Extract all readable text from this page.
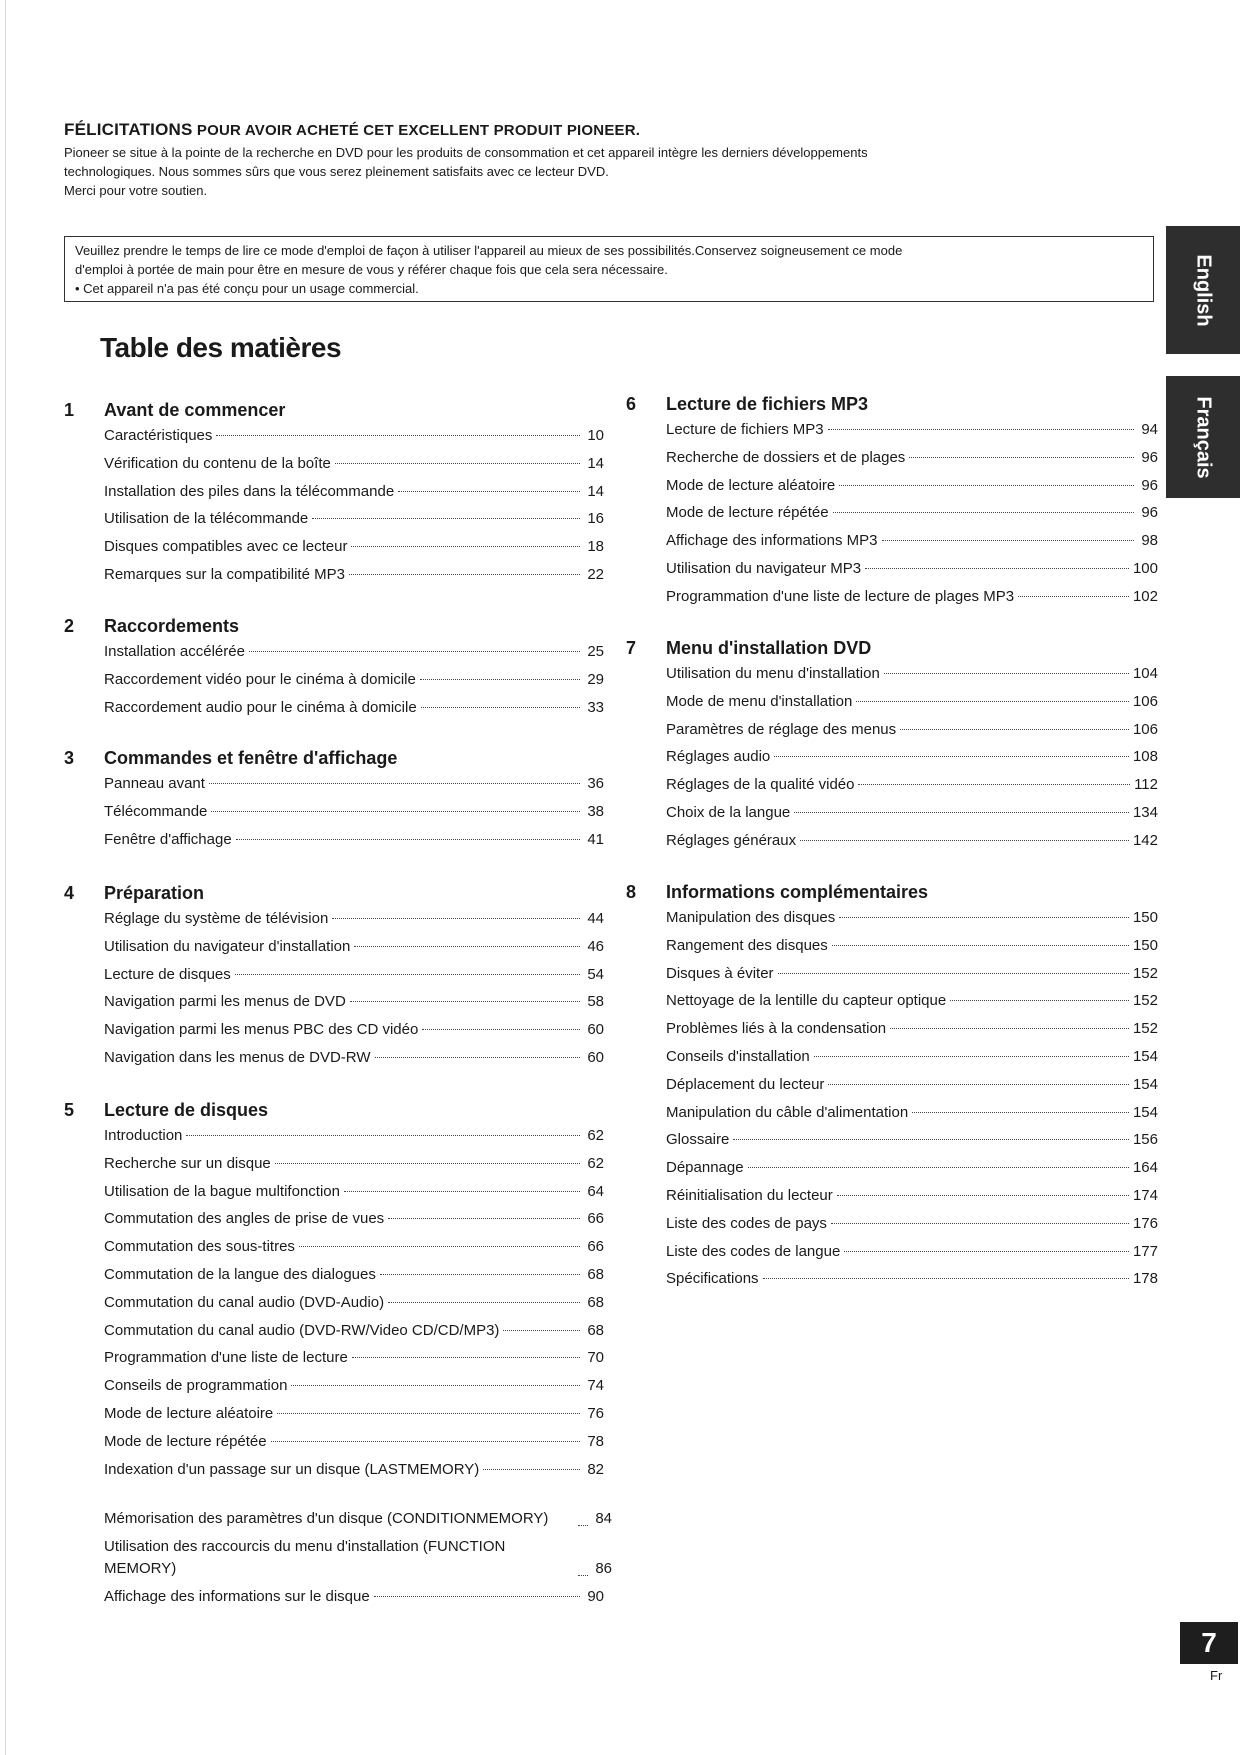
FÉLICITATIONS POUR AVOIR ACHETÉ CET EXCELLENT PRODUIT PIONEER.

Pioneer se situe à la pointe de la recherche en DVD pour les produits de consommation et cet appareil intègre les derniers développements

technologiques. Nous sommes sûrs que vous serez pleinement satisfaits avec ce lecteur DVD.

Merci pour votre soutien.

Veuillez prendre le temps de lire ce mode d'emploi de façon à utiliser l'appareil au mieux de ses possibilités.Conservez soigneusement ce mode

d'emploi à portée de main pour être en mesure de vous y référer chaque fois que cela sera nécessaire.

• Cet appareil n'a pas été conçu pour un usage commercial.

Table des matières
1	Avant de commencer
Caractéristiques	10
Vérification du contenu de la boîte	14
Installation des piles dans la télécommande	14
Utilisation de la télécommande	16
Disques compatibles avec ce lecteur	18
Remarques sur la compatibilité MP3	22
2	Raccordements
Installation accélérée	25
Raccordement vidéo pour le cinéma à domicile	29
Raccordement audio pour le cinéma à domicile	33
3	Commandes et fenêtre d'affichage
Panneau avant	36
Télécommande	38
Fenêtre d'affichage	41
4	Préparation
Réglage du système de télévision	44
Utilisation du navigateur d'installation	46
Lecture de disques	54
Navigation parmi les menus de DVD	58
Navigation parmi les menus PBC des CD vidéo	60
Navigation dans les menus de DVD-RW	60
5	Lecture de disques
Introduction	62
Recherche sur un disque	62
Utilisation de la bague multifonction	64
Commutation des angles de prise de vues	66
Commutation des sous-titres	66
Commutation de la langue des dialogues	68
Commutation du canal audio (DVD-Audio)	68
Commutation du canal audio (DVD-RW/Video CD/CD/MP3)	68
Programmation d'une liste de lecture	70
Conseils de programmation	74
Mode de lecture aléatoire	76
Mode de lecture répétée	78
Indexation d'un passage sur un disque (LASTMEMORY)	82
Mémorisation des paramètres d'un disque (CONDITIONMEMORY)	84
Utilisation des raccourcis du menu d'installation (FUNCTION MEMORY)	86
Affichage des informations sur le disque	90
6	Lecture de fichiers MP3
Lecture de fichiers MP3	94
Recherche de dossiers et de plages	96
Mode de lecture aléatoire	96
Mode de lecture répétée	96
Affichage des informations MP3	98
Utilisation du navigateur MP3	100
Programmation d'une liste de lecture de plages MP3	102
7	Menu d'installation DVD
Utilisation du menu d'installation	104
Mode de menu d'installation	106
Paramètres de réglage des menus	106
Réglages audio	108
Réglages de la qualité vidéo	112
Choix de la langue	134
Réglages généraux	142
8	Informations complémentaires
Manipulation des disques	150
Rangement des disques	150
Disques à éviter	152
Nettoyage de la lentille du capteur optique	152
Problèmes liés à la condensation	152
Conseils d'installation	154
Déplacement du lecteur	154
Manipulation du câble d'alimentation	154
Glossaire	156
Dépannage	164
Réinitialisation du lecteur	174
Liste des codes de pays	176
Liste des codes de langue	177
Spécifications	178
English
Français
7
Fr
